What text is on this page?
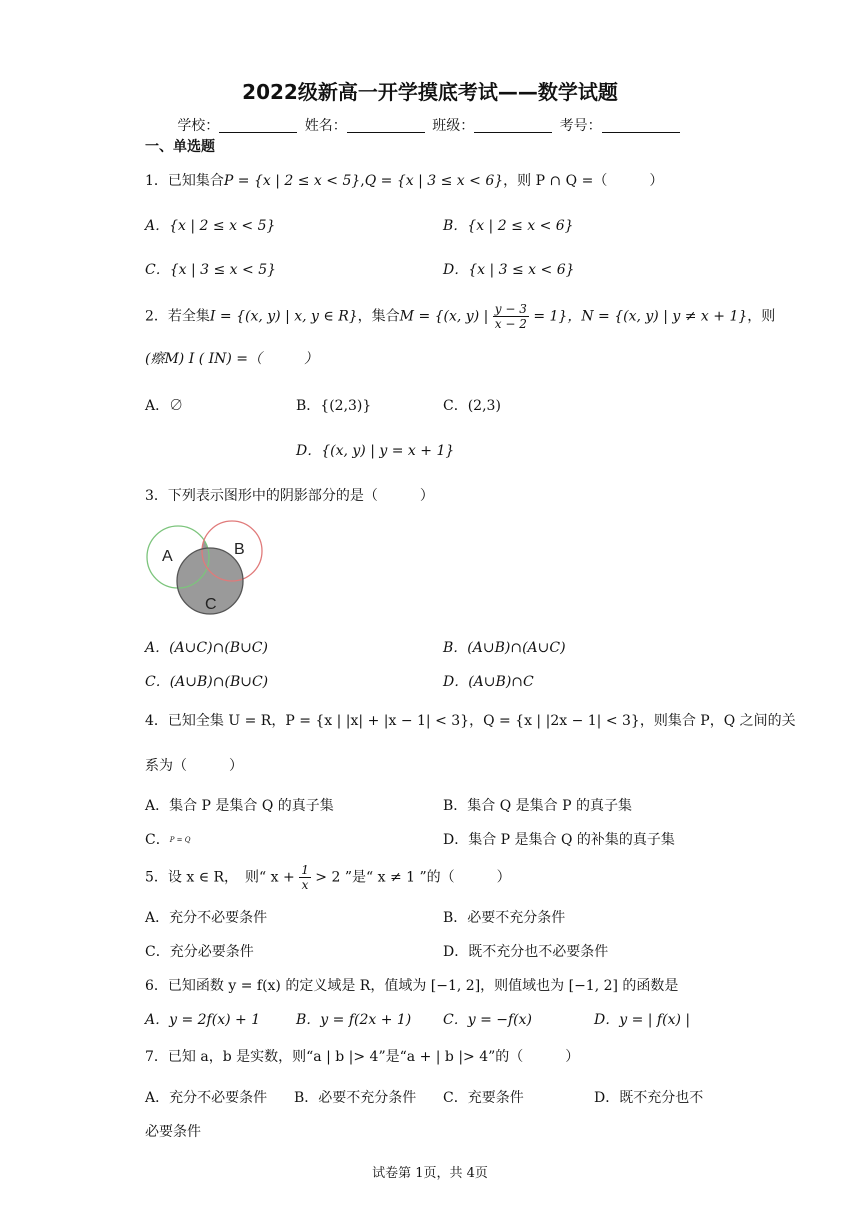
2022级新高一开学摸底考试——数学试题
学校：	姓名：	班级：	考号：
一、单选题
1．已知集合P = {x | 2 ≤ x < 5},Q = {x | 3 ≤ x < 6}，则 P ∩ Q =（　　　）
A．{x | 2 ≤ x < 5}	B．{x | 2 ≤ x < 6}
C．{x | 3 ≤ x < 5}	D．{x | 3 ≤ x < 6}
2．若全集I = {(x, y) | x, y ∈ R}，集合M = {(x, y) | $\frac{y - 3}{x - 2} = 1$}，N = {(x, y) | y ≠ x + 1}，则
(瘵M) I ( IN) =（　　　）
A．∅	B．{(2,3)}	C．(2,3)
D．{(x, y) | y = x + 1}
3．下列表示图形中的阴影部分的是（　　　）
A	B
C
A．(A∪C)∩(B∪C)	B．(A∪B)∩(A∪C)
C．(A∪B)∩(B∪C)	D．(A∪B)∩C
4．已知全集 U = R，P = {x | |x| + |x − 1| < 3}，Q = {x | |2x − 1| < 3}，则集合 P，Q 之间的关
系为（　　　）
A．集合 P 是集合 Q 的真子集	B．集合 Q 是集合 P 的真子集
C．P = Q	D．集合 P 是集合 Q 的补集的真子集
5．设 x ∈ R，　则“ $x + \frac{1}{x} > 2$ ”是“ x ≠ 1 ”的（　　　）
A．充分不必要条件	B．必要不充分条件
C．充分必要条件	D．既不充分也不必要条件
6．已知函数 y = f(x) 的定义域是 R，值域为 [−1, 2]，则值域也为 [−1, 2] 的函数是
A．y = 2f(x) + 1	B．y = f(2x + 1) C．y = −f(x)	D．y = | f(x) |
7．已知 a，b 是实数，则“a | b |> 4”是“a + | b |> 4”的（　　　）
A．充分不必要条件 B．必要不充分条件 C．充要条件	D．既不充分也不
必要条件
试卷第 1页，共 4页
